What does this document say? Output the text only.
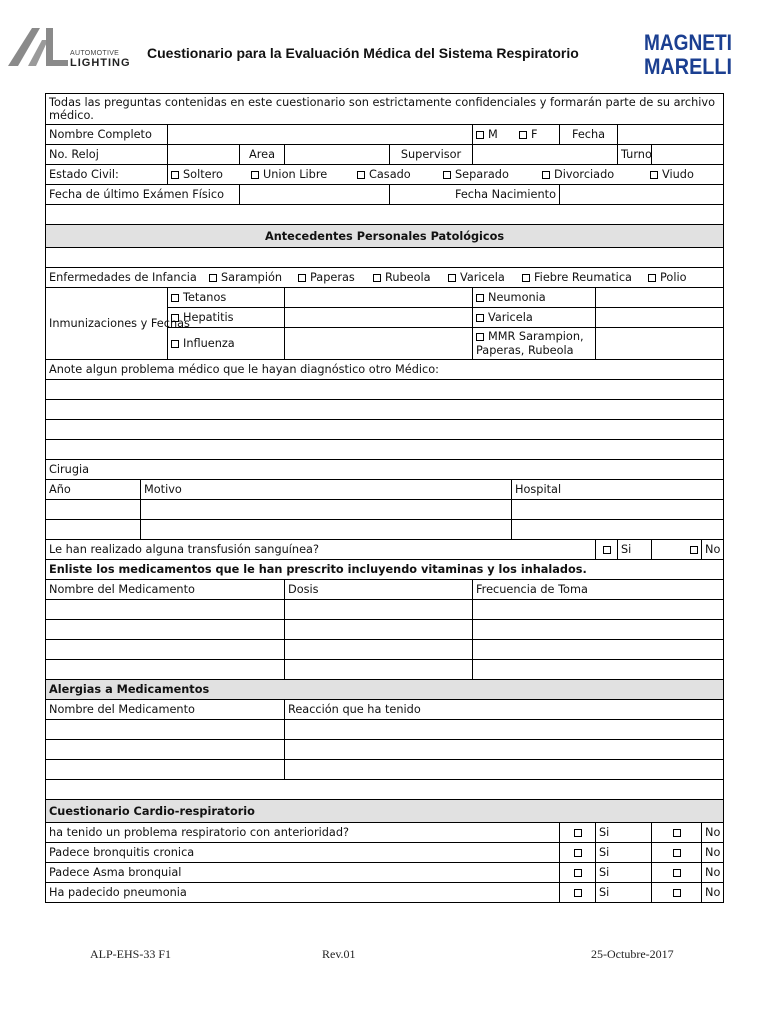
AUTOMOTIVE
LIGHTING
Cuestionario para la Evaluación Médica del Sistema Respiratorio	MAGNETI
MARELLI
Todas las preguntas contenidas en este cuestionario son estrictamente confidenciales y formarán parte de su archivo médico.												
Nombre Completo						M F		Fecha				
No. Reloj			Area		Supervisor					Turno		
Estado Civil:		Soltero Union Libre Casado Separado Divorciado Viudo										
Fecha de último Exámen Físico					Fecha Nacimiento							

Antecedentes Personales Patológicos												

Enfermedades de Infancia Sarampión Paperas Rubeola Varicela Fiebre Reumatica Polio												
Inmunizaciones y Fechas		Tetanos				Neumonia						
		Hepatitis				Varicela						
		Influenza				MMR Sarampion, Paperas, Rubeola						
Anote algun problema médico que le hayan diagnóstico otro Médico:												

Cirugia												
Año	Motivo						Hospital					

Le han realizado alguna transfusión sanguínea?										Si		No
Enliste los medicamentos que le han prescrito incluyendo vitaminas y los inhalados.												
Nombre del Medicamento				Dosis		Frecuencia de Toma						

Alergias a Medicamentos												
Nombre del Medicamento				Reacción que ha tenido								

Cuestionario Cardio-respiratorio												
ha tenido un problema respiratorio con anterioridad?									Si			No
Padece bronquitis cronica									Si			No
Padece Asma bronquial									Si			No
Ha padecido pneumonia									Si			No
ALP-EHS-33 F1	Rev.01	25-Octubre-2017
